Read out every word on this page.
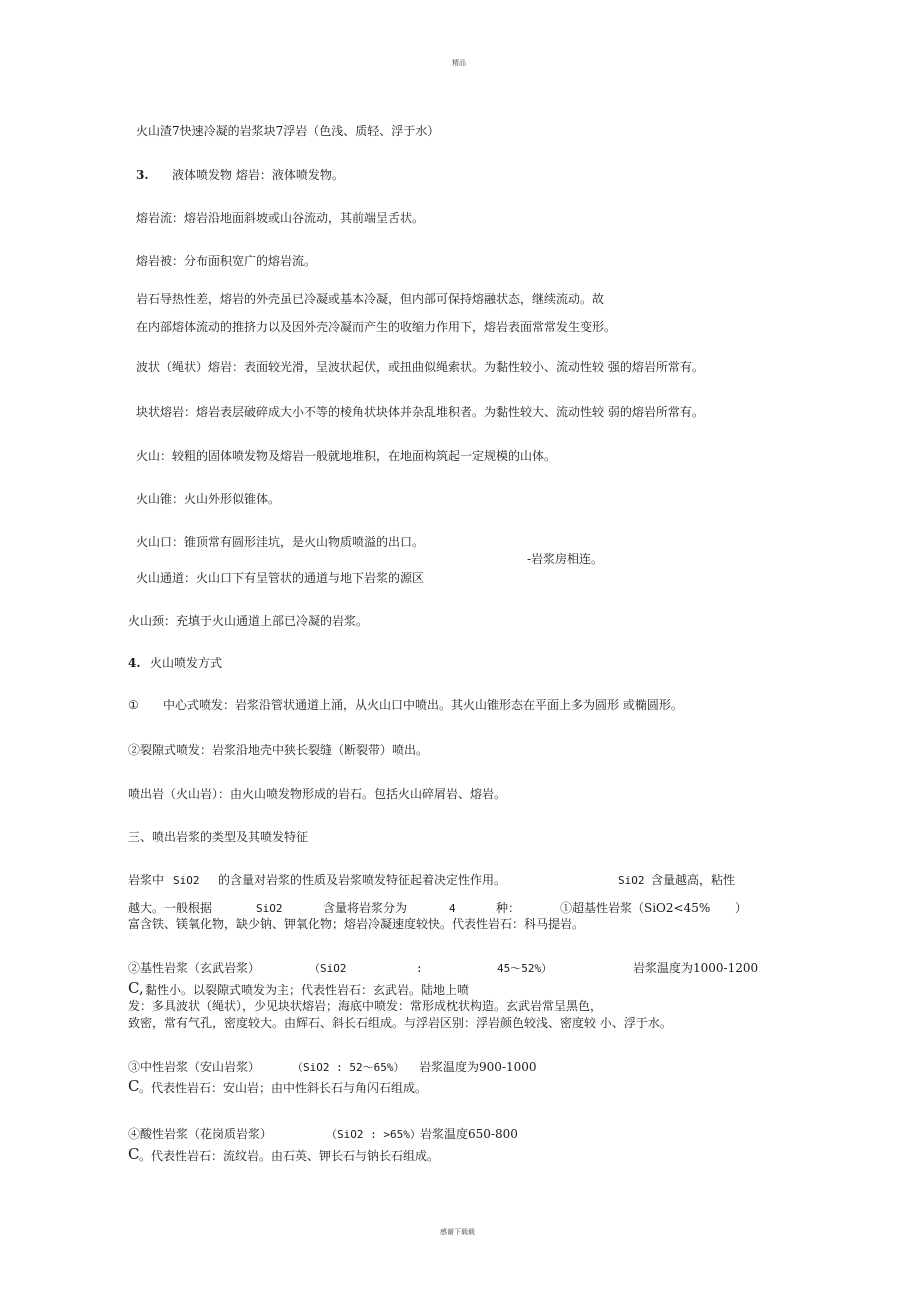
精品
火山渣7快速冷凝的岩浆块7浮岩（色浅、质轻、浮于水）
3. 液体喷发物 熔岩：液体喷发物。
熔岩流：熔岩沿地面斜坡或山谷流动，其前端呈舌状。
熔岩被：分布面积宽广的熔岩流。
岩石导热性差，熔岩的外壳虽已冷凝或基本冷凝，但内部可保持熔融状态，继续流动。故
在内部熔体流动的推挤力以及因外壳冷凝而产生的收缩力作用下，熔岩表面常常发生变形。
波状（绳状）熔岩：表面较光滑，呈波状起伏，或扭曲似绳索状。为黏性较小、流动性较 强的熔岩所常有。
块状熔岩：熔岩表层破碎成大小不等的棱角状块体并杂乱堆积者。为黏性较大、流动性较 弱的熔岩所常有。
火山：较粗的固体喷发物及熔岩一般就地堆积，在地面构筑起一定规模的山体。
火山锥：火山外形似锥体。
火山口：锥顶常有圆形洼坑，是火山物质喷溢的出口。
-岩浆房相连。
火山通道：火山口下有呈管状的通道与地下岩浆的源区
火山颈：充填于火山通道上部已冷凝的岩浆。
4. 火山喷发方式
① 中心式喷发：岩浆沿管状通道上涌，从火山口中喷出。其火山锥形态在平面上多为圆形 或椭圆形。
②裂隙式喷发：岩浆沿地壳中狭长裂缝（断裂带）喷出。
喷出岩（火山岩）：由火山喷发物形成的岩石。包括火山碎屑岩、熔岩。
三、喷出岩浆的类型及其喷发特征
岩浆中 SiO2 的含量对岩浆的性质及岩浆喷发特征起着决定性作用。	SiO2 含量越高，粘性
越大。一般根据	SiO2	含量将岩浆分为	4	种：	①超基性岩浆（SiO2<45% ）
富含铁、镁氧化物，缺少钠、钾氧化物；熔岩冷凝速度较快。代表性岩石：科马提岩。
②基性岩浆（玄武岩浆）	（SiO2	:	45～52%）	岩浆温度为1000-1200
C, 黏性小。以裂隙式喷发为主；代表性岩石：玄武岩。陆地上喷
发：多具波状（绳状），少见块状熔岩；海底中喷发：常形成枕状构造。玄武岩常呈黑色，
致密，常有气孔，密度较大。由辉石、斜长石组成。与浮岩区别：浮岩颜色较浅、密度较 小、浮于水。
③中性岩浆（安山岩浆）	（SiO2 : 52～65%） 岩浆温度为900-1000
C 。代表性岩石：安山岩；由中性斜长石与角闪石组成。
④酸性岩浆（花岗质岩浆）	（SiO2 : >65%） 岩浆温度650-800
C 。代表性岩石：流纹岩。由石英、钾长石与钠长石组成。
感谢下载载
